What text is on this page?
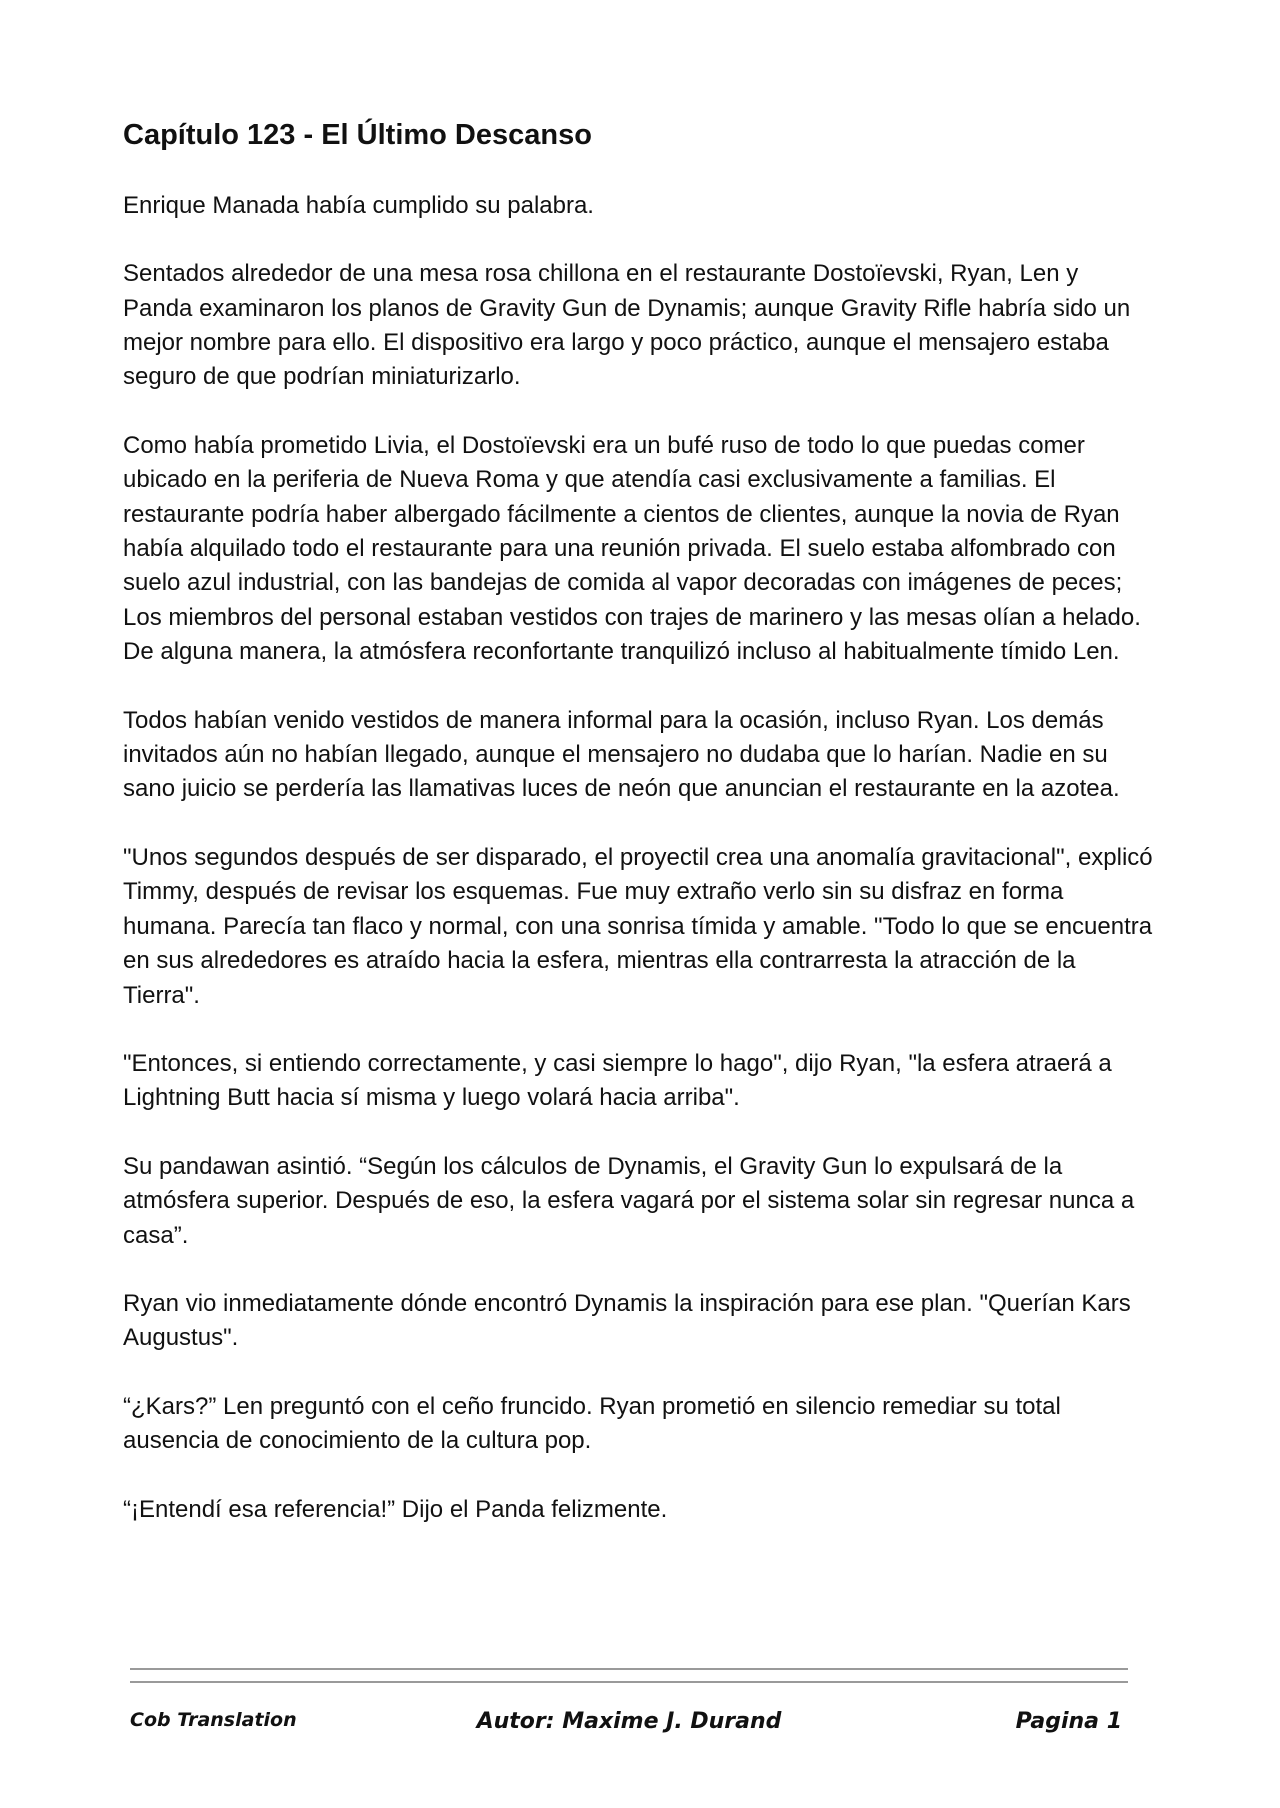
Capítulo 123 - El Último Descanso

Enrique Manada había cumplido su palabra.

Sentados alrededor de una mesa rosa chillona en el restaurante Dostoïevski, Ryan, Len y Panda examinaron los planos de Gravity Gun de Dynamis; aunque Gravity Rifle habría sido un mejor nombre para ello. El dispositivo era largo y poco práctico, aunque el mensajero estaba seguro de que podrían miniaturizarlo.

Como había prometido Livia, el Dostoïevski era un bufé ruso de todo lo que puedas comer ubicado en la periferia de Nueva Roma y que atendía casi exclusivamente a familias. El restaurante podría haber albergado fácilmente a cientos de clientes, aunque la novia de Ryan había alquilado todo el restaurante para una reunión privada. El suelo estaba alfombrado con suelo azul industrial, con las bandejas de comida al vapor decoradas con imágenes de peces; Los miembros del personal estaban vestidos con trajes de marinero y las mesas olían a helado. De alguna manera, la atmósfera reconfortante tranquilizó incluso al habitualmente tímido Len.

Todos habían venido vestidos de manera informal para la ocasión, incluso Ryan. Los demás invitados aún no habían llegado, aunque el mensajero no dudaba que lo harían. Nadie en su sano juicio se perdería las llamativas luces de neón que anuncian el restaurante en la azotea.

"Unos segundos después de ser disparado, el proyectil crea una anomalía gravitacional", explicó Timmy, después de revisar los esquemas. Fue muy extraño verlo sin su disfraz en forma humana. Parecía tan flaco y normal, con una sonrisa tímida y amable. "Todo lo que se encuentra en sus alrededores es atraído hacia la esfera, mientras ella contrarresta la atracción de la Tierra".

"Entonces, si entiendo correctamente, y casi siempre lo hago", dijo Ryan, "la esfera atraerá a Lightning Butt hacia sí misma y luego volará hacia arriba".

Su pandawan asintió. “Según los cálculos de Dynamis, el Gravity Gun lo expulsará de la atmósfera superior. Después de eso, la esfera vagará por el sistema solar sin regresar nunca a casa”.

Ryan vio inmediatamente dónde encontró Dynamis la inspiración para ese plan. "Querían Kars Augustus".

“¿Kars?” Len preguntó con el ceño fruncido. Ryan prometió en silencio remediar su total ausencia de conocimiento de la cultura pop.

“¡Entendí esa referencia!” Dijo el Panda felizmente.

Cob Translation	Autor: Maxime J. Durand	Pagina 1
